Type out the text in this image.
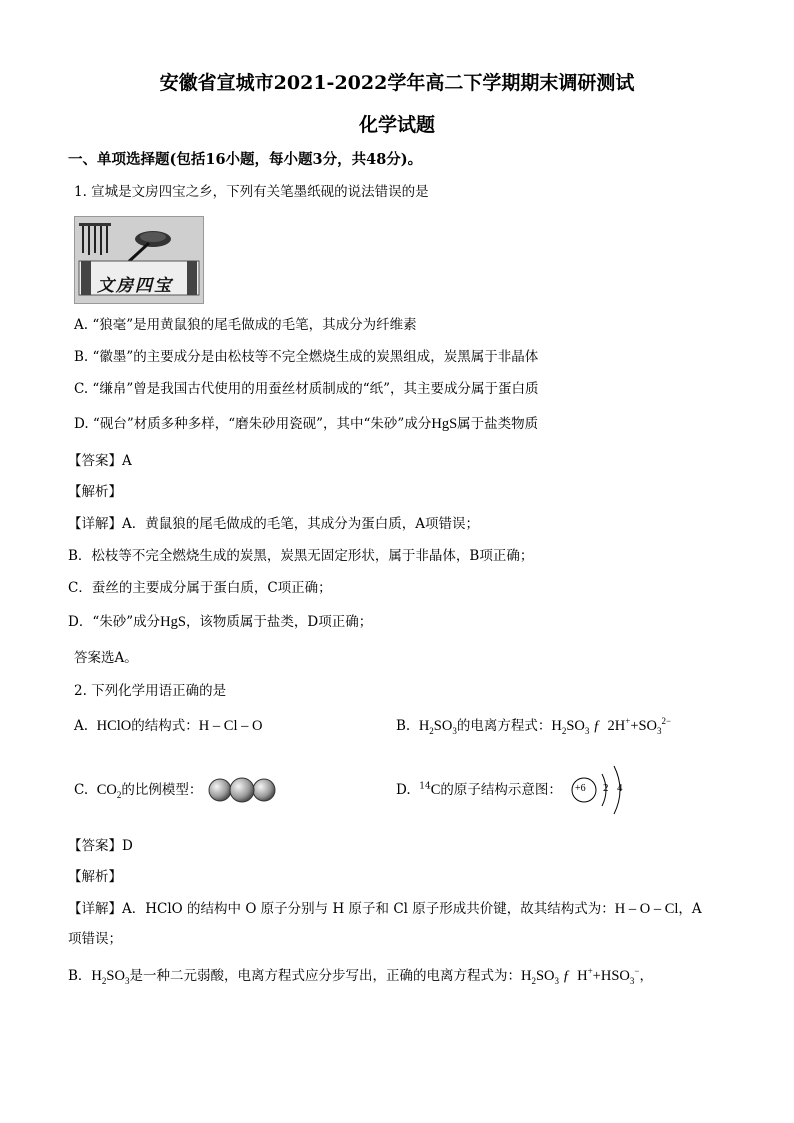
安徽省宣城市2021-2022学年高二下学期期末调研测试
化学试题
一、单项选择题(包括16小题，每小题3分，共48分)。
1. 宣城是文房四宝之乡，下列有关笔墨纸砚的说法错误的是
文房四宝
A. “狼毫”是用黄鼠狼的尾毛做成的毛笔，其成分为纤维素
B. “徽墨”的主要成分是由松枝等不完全燃烧生成的炭黑组成，炭黑属于非晶体
C. “缣帛”曾是我国古代使用的用蚕丝材质制成的“纸”，其主要成分属于蛋白质
D. “砚台”材质多种多样，“磨朱砂用瓷砚”，其中“朱砂”成分HgS属于盐类物质
【答案】A
【解析】
【详解】A．黄鼠狼的尾毛做成的毛笔，其成分为蛋白质，A项错误；
B．松枝等不完全燃烧生成的炭黑，炭黑无固定形状，属于非晶体，B项正确；
C．蚕丝的主要成分属于蛋白质，C项正确；
D．“朱砂”成分HgS，该物质属于盐类，D项正确；
答案选A。
2. 下列化学用语正确的是
A. HClO的结构式：H – Cl – O	B. $H_2SO_3$的电离方程式：$H_2SO_3$ ƒ $2H^++SO_3^{2-}$
C. $CO_2$的比例模型：	D. $^{14}$C的原子结构示意图： +6 2 4
【答案】D
【解析】
【详解】A．HClO 的结构中 O 原子分别与 H 原子和 Cl 原子形成共价键，故其结构式为：H – O – Cl，A
项错误；
B．$H_2SO_3$是一种二元弱酸，电离方程式应分步写出，正确的电离方程式为：$H_2SO_3$ ƒ  $H^++HSO_3^-$，
